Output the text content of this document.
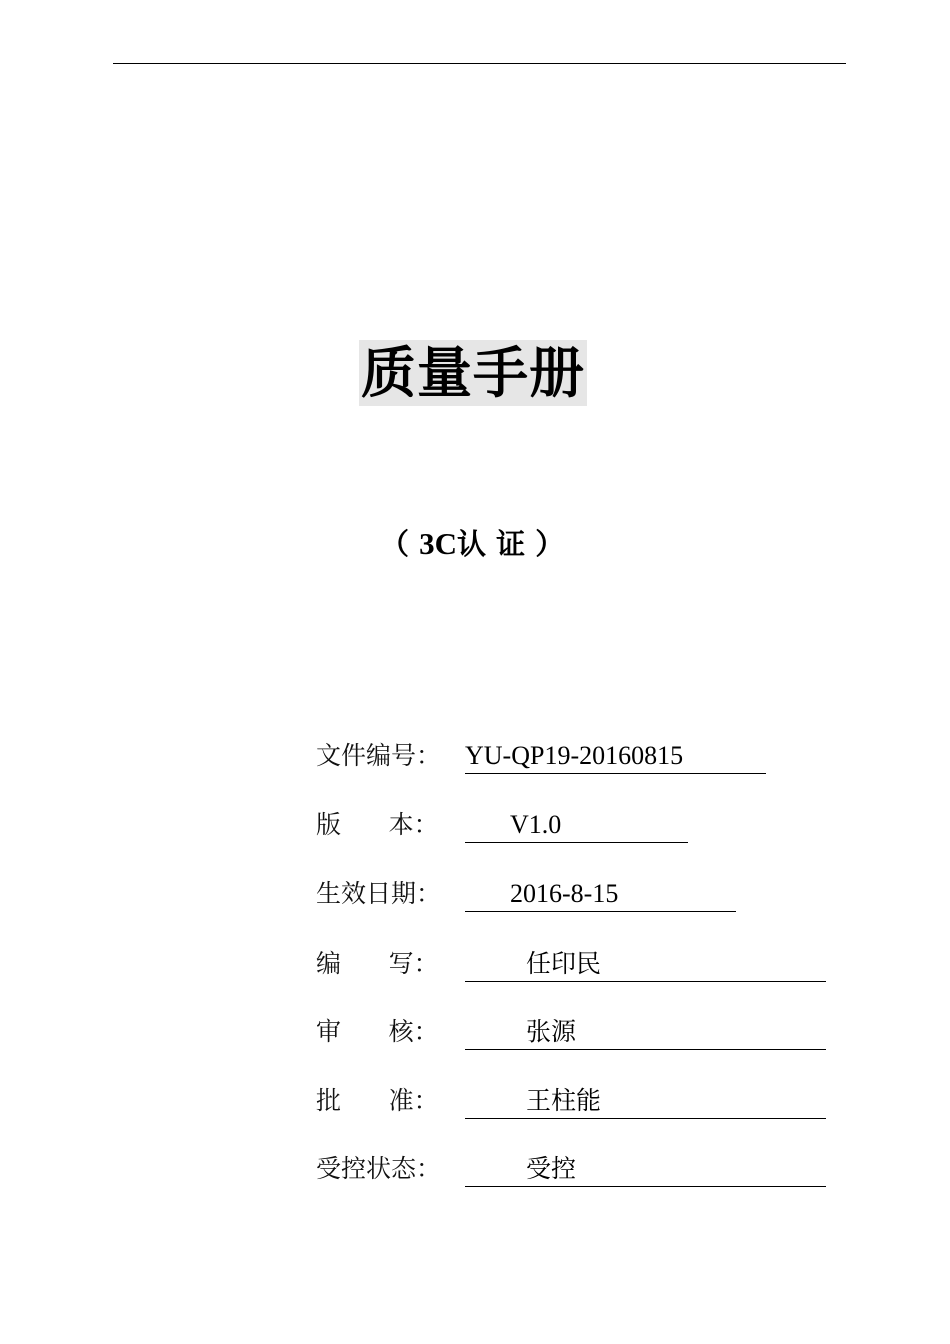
质量手册
（ 3C认 证 ）
文件编号： YU-QP19-20160815
版      本：	V1.0
生效日期：	2016-8-15
编      写：	任印民
审      核：	张源
批      准：	王柱能
受控状态：	受控
